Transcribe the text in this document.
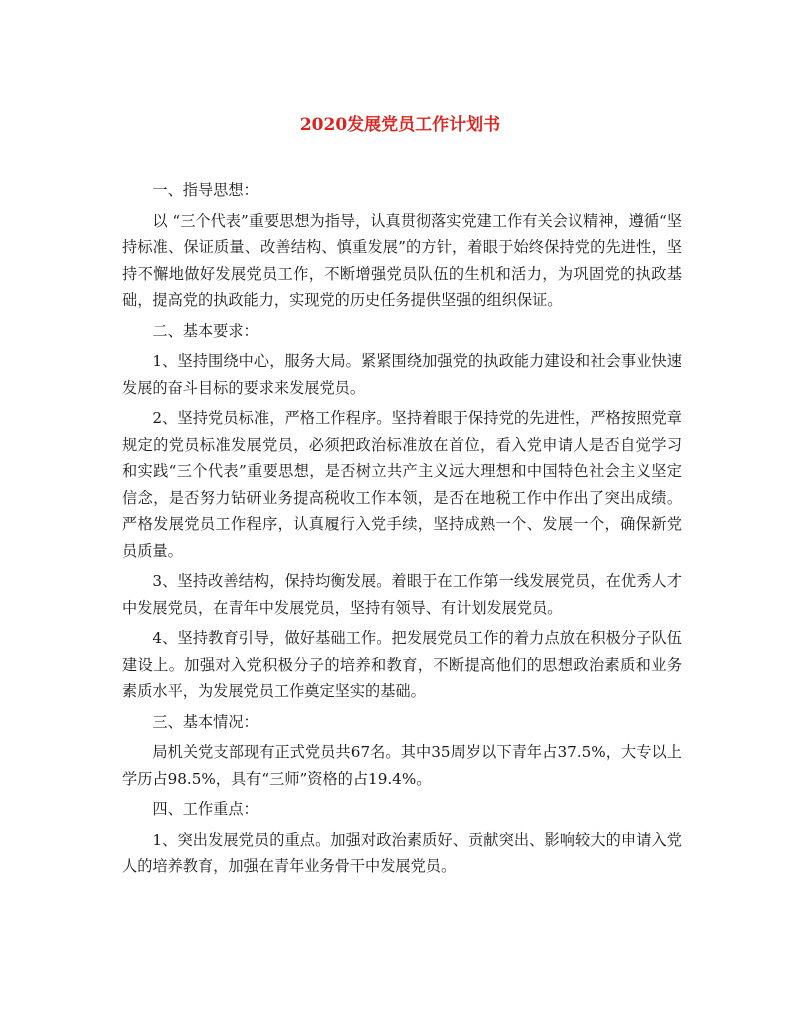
2020发展党员工作计划书

一、指导思想：

以 “三个代表”重要思想为指导，认真贯彻落实党建工作有关会议精神，遵循“坚持标准、保证质量、改善结构、慎重发展”的方针，着眼于始终保持党的先进性，坚持不懈地做好发展党员工作，不断增强党员队伍的生机和活力，为巩固党的执政基础，提高党的执政能力，实现党的历史任务提供坚强的组织保证。

二、基本要求：

1、坚持围绕中心，服务大局。紧紧围绕加强党的执政能力建设和社会事业快速发展的奋斗目标的要求来发展党员。

2、坚持党员标准，严格工作程序。坚持着眼于保持党的先进性，严格按照党章规定的党员标准发展党员，必须把政治标准放在首位，看入党申请人是否自觉学习和实践“三个代表”重要思想，是否树立共产主义远大理想和中国特色社会主义坚定信念，是否努力钻研业务提高税收工作本领，是否在地税工作中作出了突出成绩。严格发展党员工作程序，认真履行入党手续，坚持成熟一个、发展一个，确保新党员质量。

3、坚持改善结构，保持均衡发展。着眼于在工作第一线发展党员，在优秀人才中发展党员，在青年中发展党员，坚持有领导、有计划发展党员。

4、坚持教育引导，做好基础工作。把发展党员工作的着力点放在积极分子队伍建设上。加强对入党积极分子的培养和教育，不断提高他们的思想政治素质和业务素质水平，为发展党员工作奠定坚实的基础。

三、基本情况：

局机关党支部现有正式党员共67名。其中35周岁以下青年占37.5%，大专以上学历占98.5%，具有“三师”资格的占19.4%。

四、工作重点：

1、突出发展党员的重点。加强对政治素质好、贡献突出、影响较大的申请入党人的培养教育，加强在青年业务骨干中发展党员。
